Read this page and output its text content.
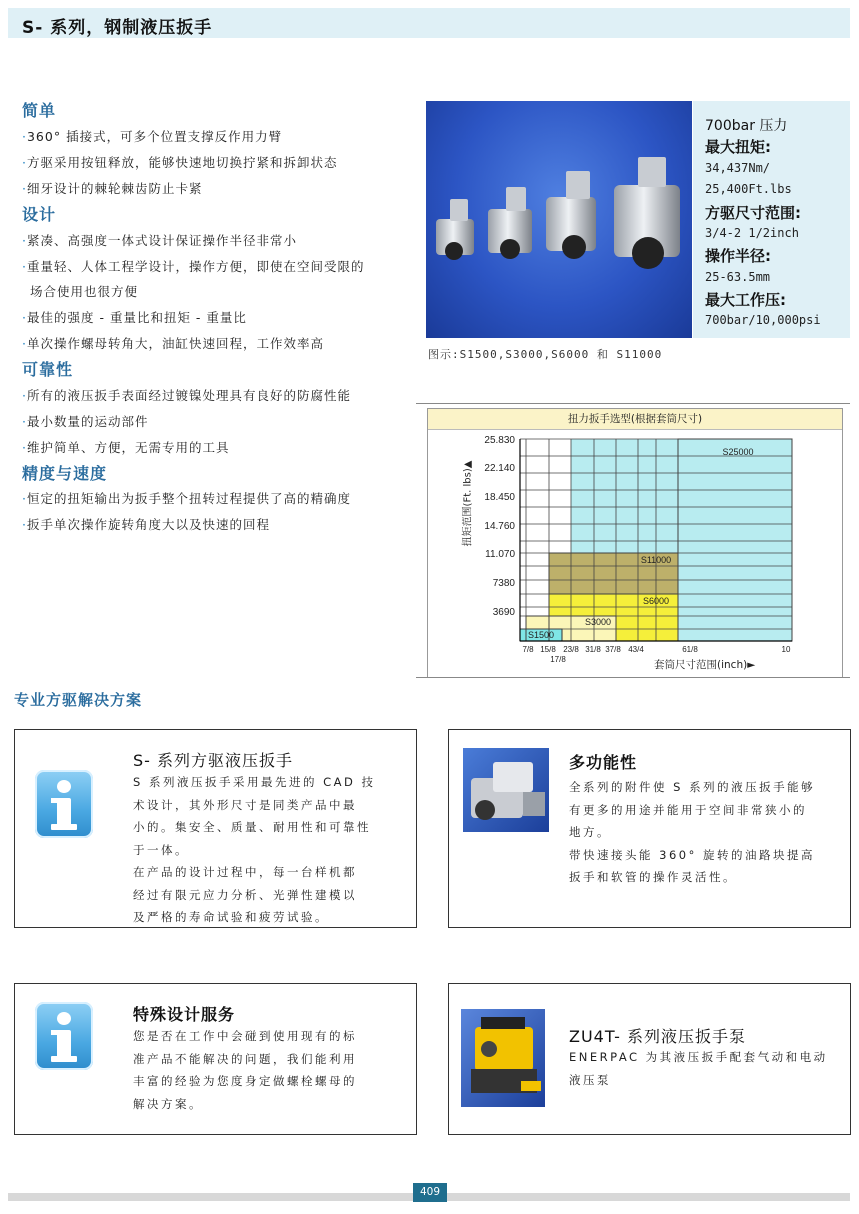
S- 系列，钢制液压扳手
简单
·360° 插接式，可多个位置支撑反作用力臂
·方驱采用按钮释放，能够快速地切换拧紧和拆卸状态
·细牙设计的棘轮棘齿防止卡紧
设计
·紧凑、高强度一体式设计保证操作半径非常小
·重量轻、人体工程学设计，操作方便，即使在空间受限的
场合使用也很方便
·最佳的强度 - 重量比和扭矩 - 重量比
·单次操作螺母转角大，油缸快速回程，工作效率高
可靠性
·所有的液压扳手表面经过镀镍处理具有良好的防腐性能
·最小数量的运动部件
·维护简单、方便，无需专用的工具
精度与速度
·恒定的扭矩输出为扳手整个扭转过程提供了高的精确度
·扳手单次操作旋转角度大以及快速的回程
700bar 压力
最大扭矩:
34,437Nm/
25,400Ft.lbs
方驱尺寸范围:
3/4-2 1/2inch
操作半径:
25-63.5mm
最大工作压:
700bar/10,000psi
图示:S1500,S3000,S6000 和 S11000
扭力扳手选型(根据套筒尺寸)
25.830
22.140
18.450
14.760
11.070
7380
3690
7/8 15/8 23/8 31/8 37/8 43/4	61/8	10
17/8
S25000
S11000
S6000
S3000
S1500
扭矩范围(Ft. lbs)▲
套筒尺寸范围(inch)►
专业方驱解决方案
S- 系列方驱液压扳手
S 系列液压扳手采用最先进的 CAD 技
术设计，其外形尺寸是同类产品中最
小的。集安全、质量、耐用性和可靠性
于一体。
在产品的设计过程中，每一台样机都
经过有限元应力分析、光弹性建模以
及严格的寿命试验和疲劳试验。
多功能性
全系列的附件使 S 系列的液压扳手能够
有更多的用途并能用于空间非常狭小的
地方。
带快速接头能 360° 旋转的油路块提高
扳手和软管的操作灵活性。
特殊设计服务
您是否在工作中会碰到使用现有的标
准产品不能解决的问题，我们能利用
丰富的经验为您度身定做螺栓螺母的
解决方案。
ZU4T- 系列液压扳手泵
ENERPAC 为其液压扳手配套气动和电动
液压泵
409
